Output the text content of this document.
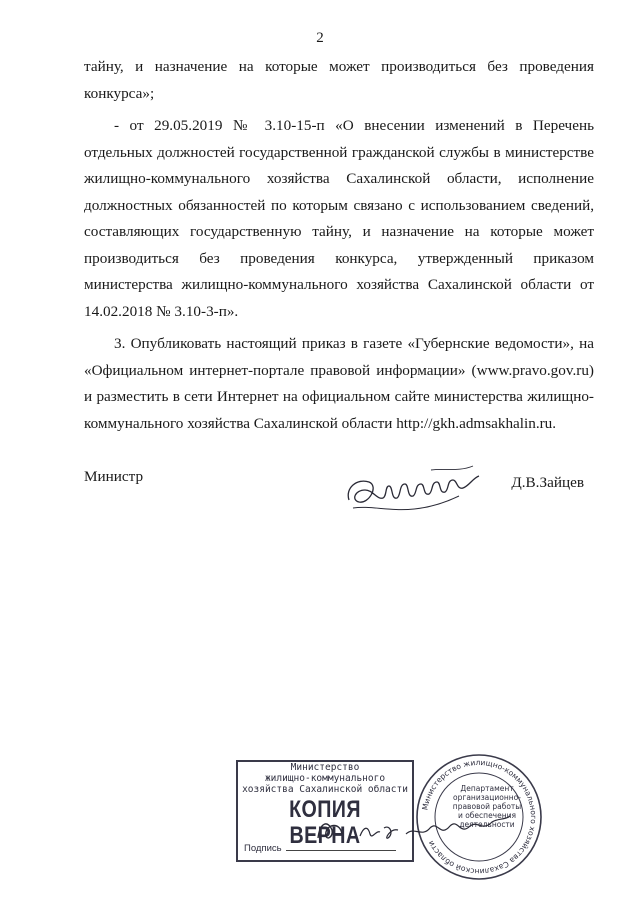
2

тайну, и назначение на которые может производиться без проведения конкурса»;

- от 29.05.2019 № 3.10-15-п «О внесении изменений в Перечень отдельных должностей государственной гражданской службы в министерстве жилищно-коммунального хозяйства Сахалинской области, исполнение должностных обязанностей по которым связано с использованием сведений, составляющих государственную тайну, и назначение на которые может производиться без проведения конкурса, утвержденный приказом министерства жилищно-коммунального хозяйства Сахалинской области от 14.02.2018 № 3.10-3-п».

3. Опубликовать настоящий приказ в газете «Губернские ведомости», на «Официальном интернет-портале правовой информации» (www.pravo.gov.ru) и разместить в сети Интернет на официальном сайте министерства жилищно-коммунального хозяйства Сахалинской области http://gkh.admsakhalin.ru.

Министр	Д.В.Зайцев
Министерство
жилищно-коммунального
хозяйства Сахалинской области
КОПИЯ ВЕРНА
Подпись
Министерство жилищно-коммунального хозяйства Сахалинской области
Департамент
организационно-
правовой работы
и обеспечения
деятельности
